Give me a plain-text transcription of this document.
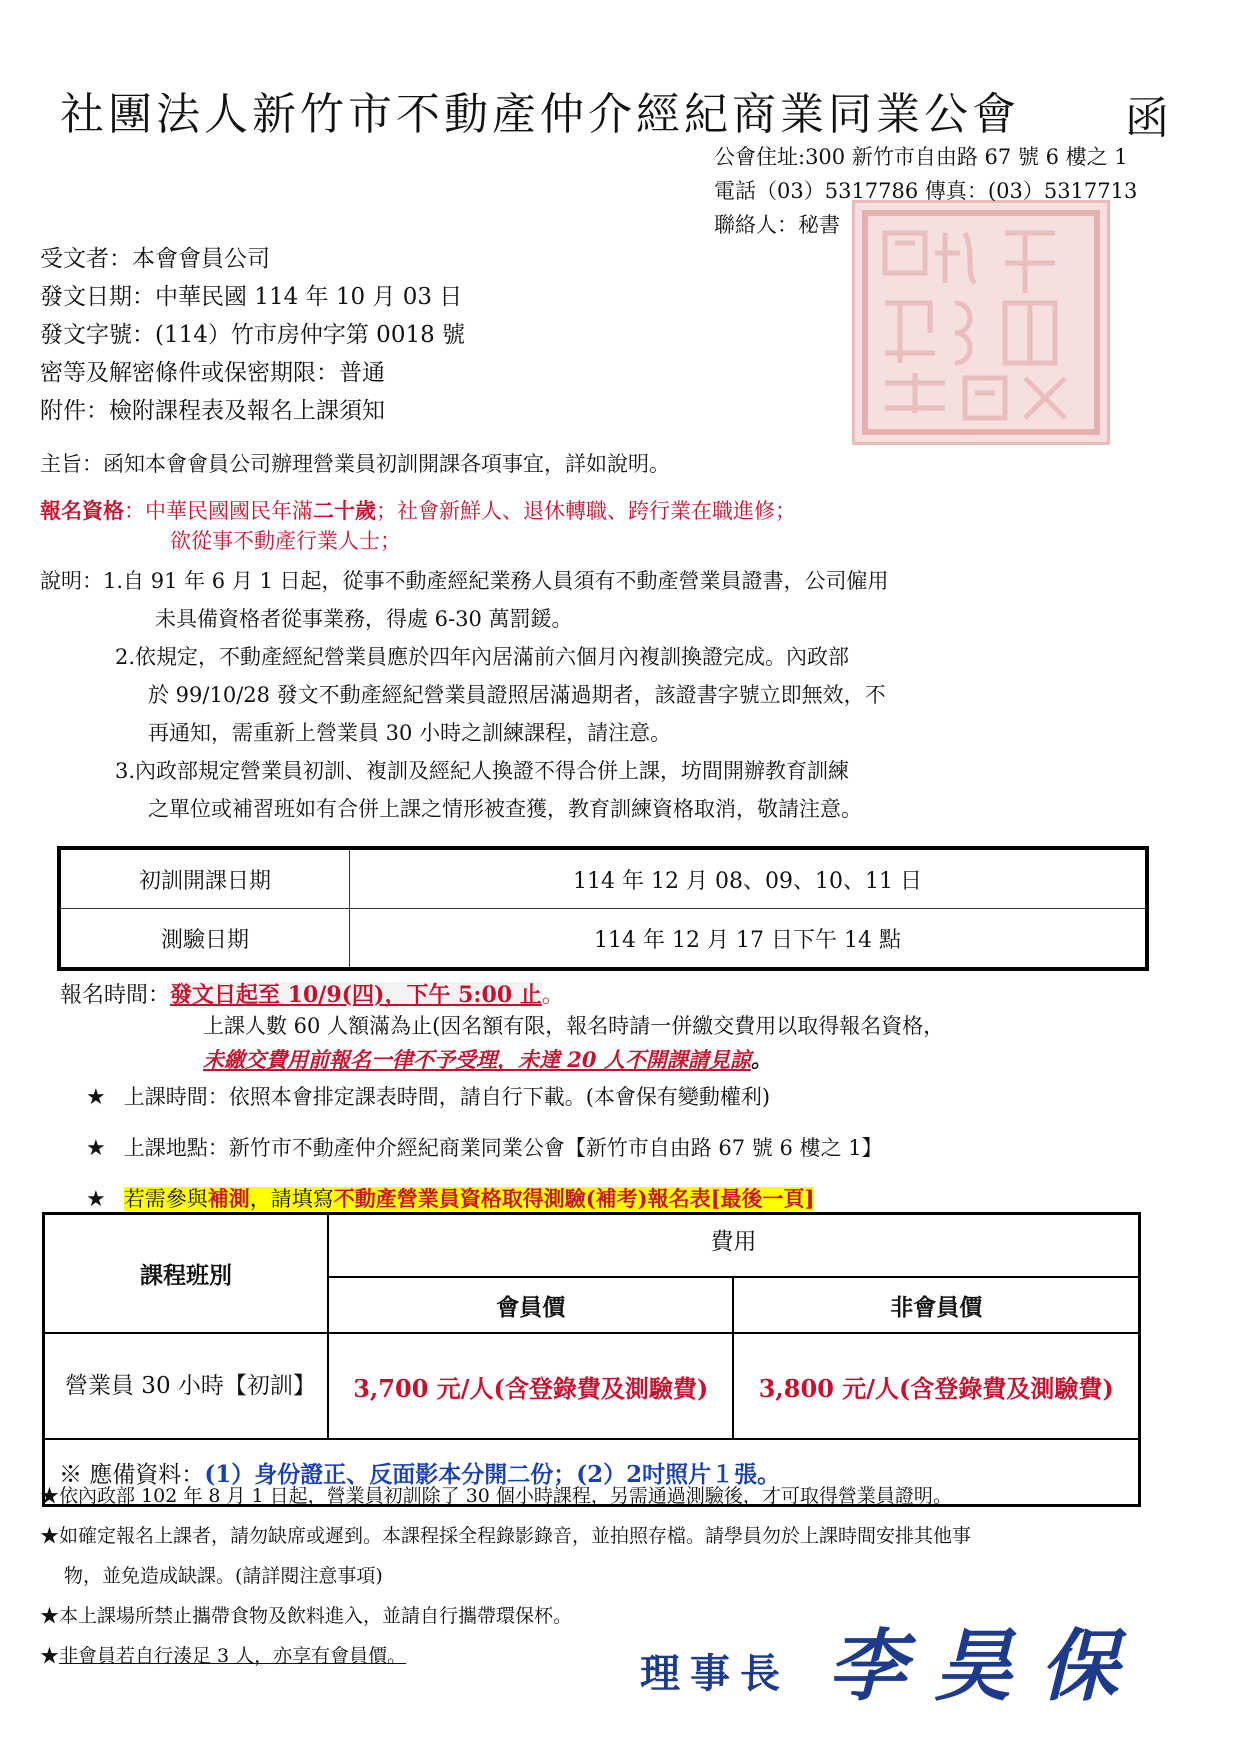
社團法人新竹市不動產仲介經紀商業同業公會 函
公會住址:300 新竹市自由路 67 號 6 樓之 1
電話（03）5317786 傳真：(03）5317713
聯絡人：秘書
受文者：本會會員公司
發文日期：中華民國 114 年 10 月 03 日
發文字號：(114）竹市房仲字第 0018 號
密等及解密條件或保密期限：普通
附件：檢附課程表及報名上課須知
主旨：函知本會會員公司辦理營業員初訓開課各項事宜，詳如說明。
報名資格：中華民國國民年滿二十歲；社會新鮮人、退休轉職、跨行業在職進修；
欲從事不動產行業人士；
說明：1.自 91 年 6 月 1 日起，從事不動產經紀業務人員須有不動產營業員證書，公司僱用
未具備資格者從事業務，得處 6-30 萬罰鍰。
2.依規定，不動產經紀營業員應於四年內居滿前六個月內複訓換證完成。內政部
於 99/10/28 發文不動產經紀營業員證照居滿過期者，該證書字號立即無效，不
再通知，需重新上營業員 30 小時之訓練課程，請注意。
3.內政部規定營業員初訓、複訓及經紀人換證不得合併上課，坊間開辦教育訓練
之單位或補習班如有合併上課之情形被查獲，教育訓練資格取消，敬請注意。
初訓開課日期	114 年 12 月 08、09、10、11 日
測驗日期	114 年 12 月 17 日下午 14 點
報名時間：發文日起至 10/9(四)，下午 5:00 止。
上課人數 60 人額滿為止(因名額有限，報名時請一併繳交費用以取得報名資格，
未繳交費用前報名一律不予受理，未達 20 人不開課請見諒。
★ 上課時間：依照本會排定課表時間，請自行下載。(本會保有變動權利)
★ 上課地點：新竹市不動產仲介經紀商業同業公會【新竹市自由路 67 號 6 樓之 1】
★ 若需參與補測，請填寫不動產營業員資格取得測驗(補考)報名表[最後一頁]
課程班別	費用	
	會員價	非會員價
營業員 30 小時【初訓】	3,700 元/人(含登錄費及測驗費)	3,800 元/人(含登錄費及測驗費)
※ 應備資料：(1）身份證正、反面影本分開二份；(2）2吋照片１張。		
★依內政部 102 年 8 月 1 日起，營業員初訓除了 30 個小時課程，另需通過測驗後，才可取得營業員證明。
★如確定報名上課者，請勿缺席或遲到。本課程採全程錄影錄音，並拍照存檔。請學員勿於上課時間安排其他事
物，並免造成缺課。(請詳閱注意事項)
★本上課場所禁止攜帶食物及飲料進入，並請自行攜帶環保杯。
★非會員若自行湊足 3 人，亦享有會員價。	理事長 李昊保
